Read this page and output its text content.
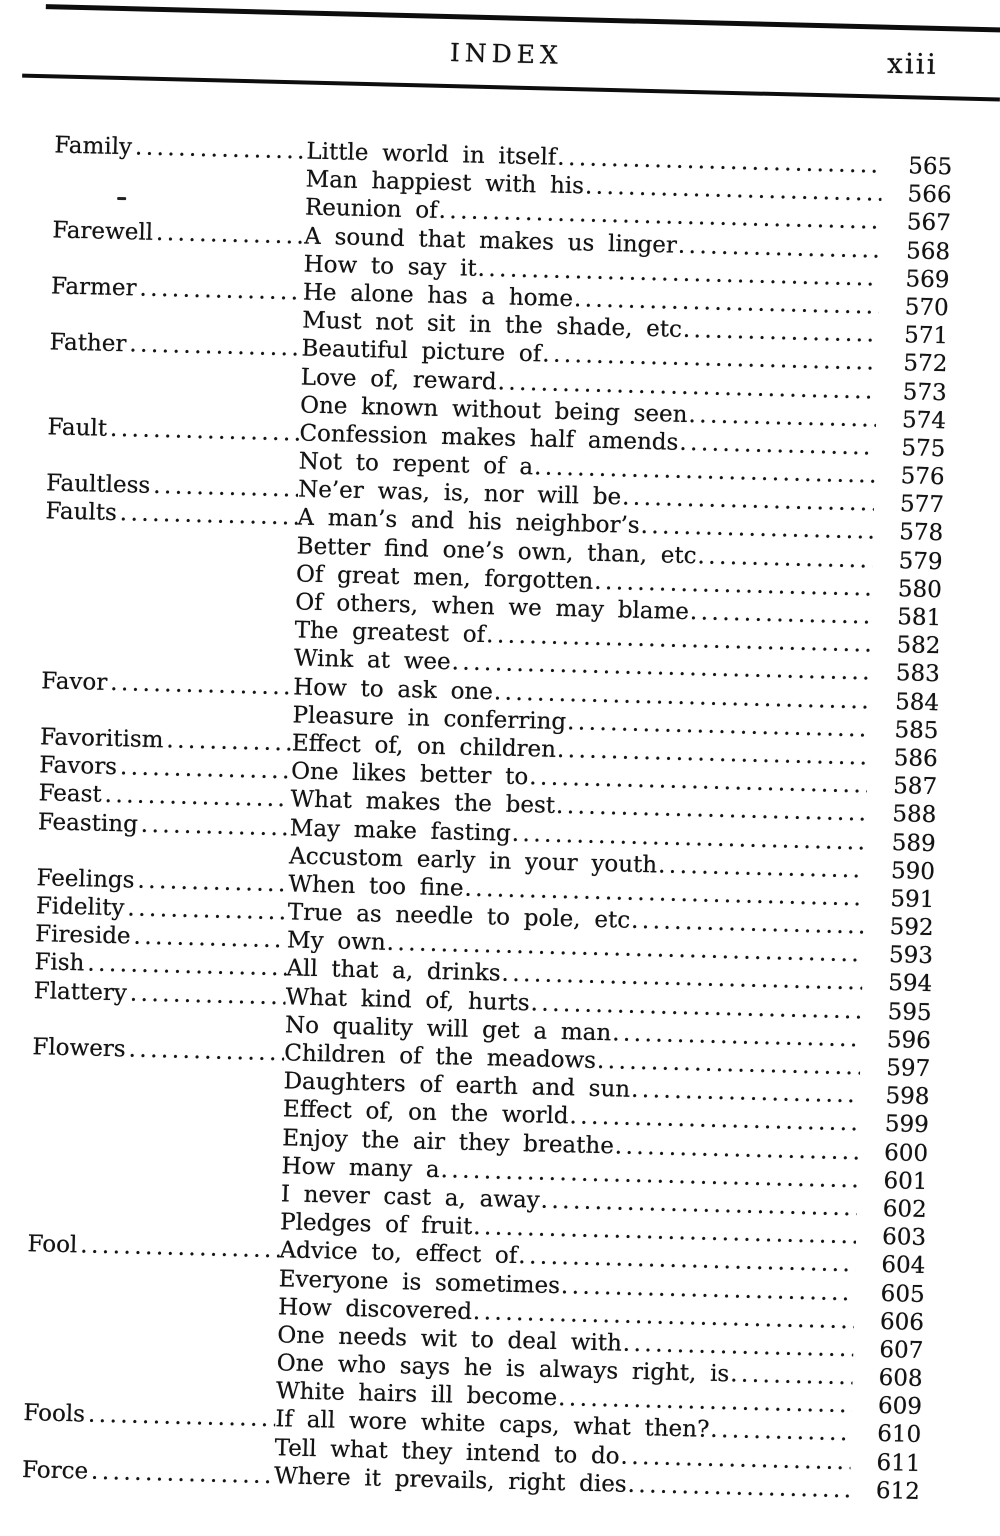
INDEX	xiii
Family .....	Little world in itself .....	565
Man happiest with his .....	566
Reunion of .....	567
Farewell .....	A sound that makes us linger .....	568
How to say it .....	569
Farmer .....	He alone has a home .....	570
Must not sit in the shade, etc .....	571
Father .....	Beautiful picture of .....	572
Love of, reward .....	573
One known without being seen .....	574
Fault .....	Confession makes half amends .....	575
Not to repent of a .....	576
Faultless .....	Ne’er was, is, nor will be .....	577
Faults .....	A man’s and his neighbor’s .....	578
Better find one’s own, than, etc .....	579
Of great men, forgotten .....	580
Of others, when we may blame .....	581
The greatest of .....	582
Wink at wee .....	583
Favor .....	How to ask one .....	584
Pleasure in conferring .....	585
Favoritism .....	Effect of, on children .....	586
Favors .....	One likes better to .....	587
Feast .....	What makes the best .....	588
Feasting .....	May make fasting .....	589
Accustom early in your youth .....	590
Feelings .....	When too fine .....	591
Fidelity .....	True as needle to pole, etc .....	592
Fireside .....	My own .....	593
Fish .....	All that a, drinks .....	594
Flattery .....	What kind of, hurts .....	595
No quality will get a man .....	596
Flowers .....	Children of the meadows .....	597
Daughters of earth and sun .....	598
Effect of, on the world .....	599
Enjoy the air they breathe .....	600
How many a .....	601
I never cast a, away .....	602
Pledges of fruit .....	603
Fool .....	Advice to, effect of .....	604
Everyone is sometimes .....	605
How discovered .....	606
One needs wit to deal with .....	607
One who says he is always right, is .....	608
White hairs ill become .....	609
Fools .....	If all wore white caps, what then? .....	610
Tell what they intend to do .....	611
Force .....	Where it prevails, right dies .....	612
